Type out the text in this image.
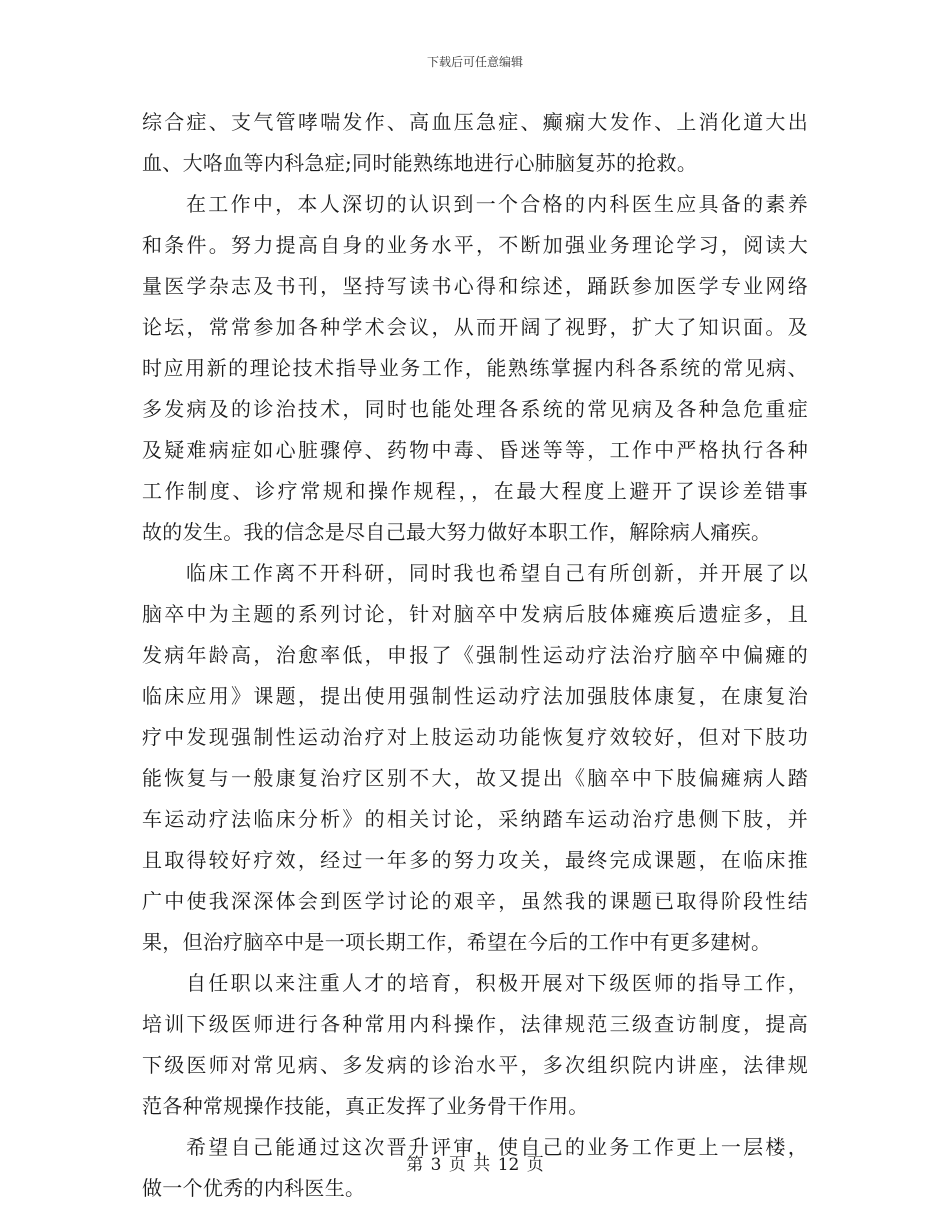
下载后可任意编辑
综合症、支气管哮喘发作、高血压急症、癫痫大发作、上消化道大出
血、大咯血等内科急症;同时能熟练地进行心肺脑复苏的抢救。
在工作中，本人深切的认识到一个合格的内科医生应具备的素养
和条件。努力提高自身的业务水平，不断加强业务理论学习，阅读大
量医学杂志及书刊，坚持写读书心得和综述，踊跃参加医学专业网络
论坛，常常参加各种学术会议，从而开阔了视野，扩大了知识面。及
时应用新的理论技术指导业务工作，能熟练掌握内科各系统的常见病、
多发病及的诊治技术，同时也能处理各系统的常见病及各种急危重症
及疑难病症如心脏骤停、药物中毒、昏迷等等，工作中严格执行各种
工作制度、诊疗常规和操作规程，，在最大程度上避开了误诊差错事
故的发生。我的信念是尽自己最大努力做好本职工作，解除病人痛疾。
临床工作离不开科研，同时我也希望自己有所创新，并开展了以
脑卒中为主题的系列讨论，针对脑卒中发病后肢体瘫痪后遗症多，且
发病年龄高，治愈率低，申报了《强制性运动疗法治疗脑卒中偏瘫的
临床应用》课题，提出使用强制性运动疗法加强肢体康复，在康复治
疗中发现强制性运动治疗对上肢运动功能恢复疗效较好，但对下肢功
能恢复与一般康复治疗区别不大，故又提出《脑卒中下肢偏瘫病人踏
车运动疗法临床分析》的相关讨论，采纳踏车运动治疗患侧下肢，并
且取得较好疗效，经过一年多的努力攻关，最终完成课题，在临床推
广中使我深深体会到医学讨论的艰辛，虽然我的课题已取得阶段性结
果，但治疗脑卒中是一项长期工作，希望在今后的工作中有更多建树。
自任职以来注重人才的培育，积极开展对下级医师的指导工作，
培训下级医师进行各种常用内科操作，法律规范三级查访制度，提高
下级医师对常见病、多发病的诊治水平，多次组织院内讲座，法律规
范各种常规操作技能，真正发挥了业务骨干作用。
希望自己能通过这次晋升评审，使自己的业务工作更上一层楼，
做一个优秀的内科医生。
第 3 页 共 12 页
